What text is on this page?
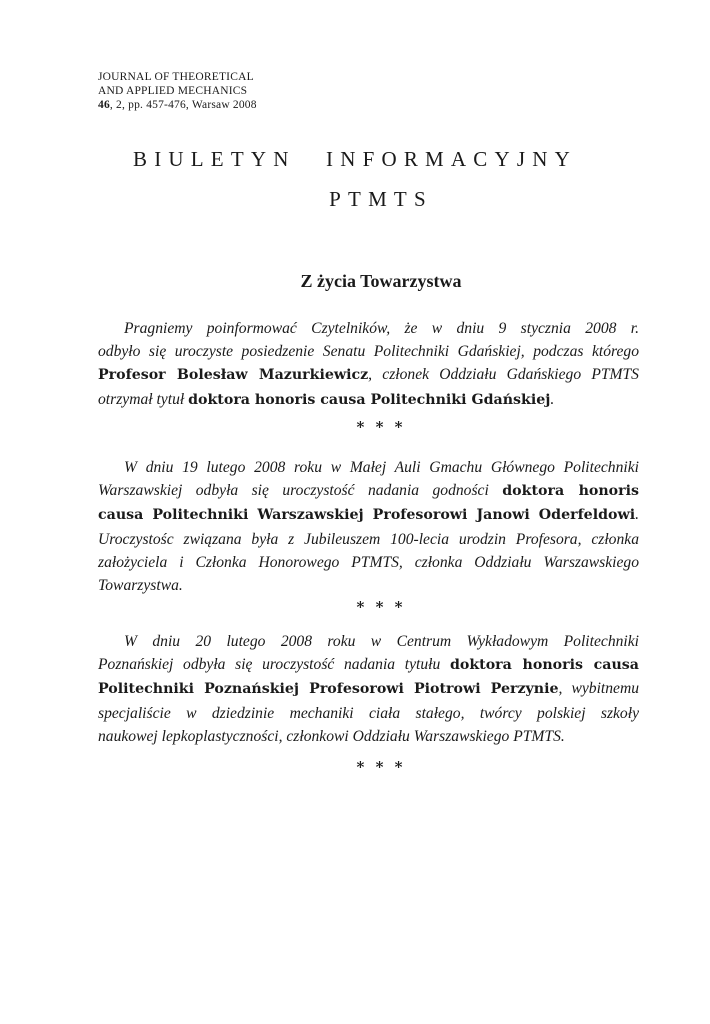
JOURNAL OF THEORETICAL
AND APPLIED MECHANICS
46, 2, pp. 457-476, Warsaw 2008
BIULETYN INFORMACYJNY
PTMTS
Z życia Towarzystwa
Pragniemy poinformować Czytelników, że w dniu 9 stycznia 2008 r.
odbyło się uroczyste posiedzenie Senatu Politechniki Gdańskiej, podczas którego
Profesor Bolesław Mazurkiewicz, członek Oddziału Gdańskiego PTMTS
otrzymał tytuł doktora honoris causa Politechniki Gdańskiej.
* * *
W dniu 19 lutego 2008 roku w Małej Auli Gmachu Głównego Politechniki
Warszawskiej odbyła się uroczystość nadania godności doktora honoris
causa Politechniki Warszawskiej Profesorowi Janowi Oderfeldowi.
Uroczystośc związana była z Jubileuszem 100-lecia urodzin Profesora, członka
założyciela i Członka Honorowego PTMTS, członka Oddziału Warszawskiego
Towarzystwa.
* * *
W dniu 20 lutego 2008 roku w Centrum Wykładowym Politechniki
Poznańskiej odbyła się uroczystość nadania tytułu doktora honoris causa
Politechniki Poznańskiej Profesorowi Piotrowi Perzynie, wybitnemu
specjaliście w dziedzinie mechaniki ciała stałego, twórcy polskiej szkoły
naukowej lepkoplastyczności, członkowi Oddziału Warszawskiego PTMTS.
* * *
